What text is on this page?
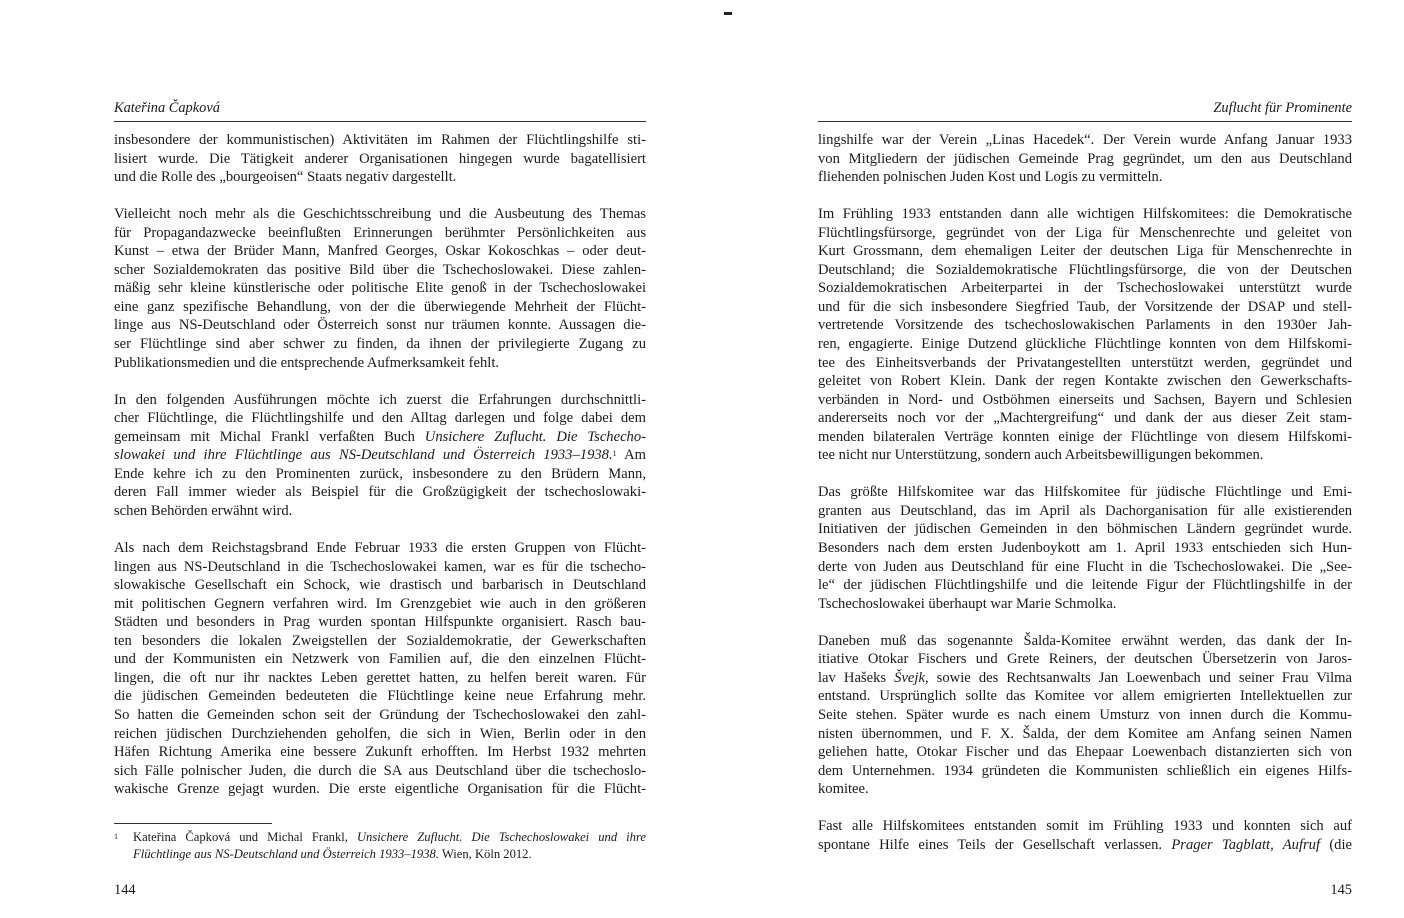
Kateřina Čapková

insbesondere der kommunistischen) Aktivitäten im Rahmen der Flüchtlingshilfe sti-
lisiert wurde. Die Tätigkeit anderer Organisationen hingegen wurde bagatellisiert
und die Rolle des „bourgeoisen“ Staats negativ dargestellt.

Vielleicht noch mehr als die Geschichtsschreibung und die Ausbeutung des Themas
für Propagandazwecke beeinflußten Erinnerungen berühmter Persönlichkeiten aus
Kunst – etwa der Brüder Mann, Manfred Georges, Oskar Kokoschkas – oder deut-
scher Sozialdemokraten das positive Bild über die Tschechoslowakei. Diese zahlen-
mäßig sehr kleine künstlerische oder politische Elite genoß in der Tschechoslowakei
eine ganz spezifische Behandlung, von der die überwiegende Mehrheit der Flücht-
linge aus NS-Deutschland oder Österreich sonst nur träumen konnte. Aussagen die-
ser Flüchtlinge sind aber schwer zu finden, da ihnen der privilegierte Zugang zu
Publikationsmedien und die entsprechende Aufmerksamkeit fehlt.

In den folgenden Ausführungen möchte ich zuerst die Erfahrungen durchschnittli-
cher Flüchtlinge, die Flüchtlingshilfe und den Alltag darlegen und folge dabei dem
gemeinsam mit Michal Frankl verfaßten Buch Unsichere Zuflucht. Die Tschecho-
slowakei und ihre Flüchtlinge aus NS-Deutschland und Österreich 1933–1938.$^1$ Am
Ende kehre ich zu den Prominenten zurück, insbesondere zu den Brüdern Mann,
deren Fall immer wieder als Beispiel für die Großzügigkeit der tschechoslowaki-
schen Behörden erwähnt wird.

Als nach dem Reichstagsbrand Ende Februar 1933 die ersten Gruppen von Flücht-
lingen aus NS-Deutschland in die Tschechoslowakei kamen, war es für die tschecho-
slowakische Gesellschaft ein Schock, wie drastisch und barbarisch in Deutschland
mit politischen Gegnern verfahren wird. Im Grenzgebiet wie auch in den größeren
Städten und besonders in Prag wurden spontan Hilfspunkte organisiert. Rasch bau-
ten besonders die lokalen Zweigstellen der Sozialdemokratie, der Gewerkschaften
und der Kommunisten ein Netzwerk von Familien auf, die den einzelnen Flücht-
lingen, die oft nur ihr nacktes Leben gerettet hatten, zu helfen bereit waren. Für
die jüdischen Gemeinden bedeuteten die Flüchtlinge keine neue Erfahrung mehr.
So hatten die Gemeinden schon seit der Gründung der Tschechoslowakei den zahl-
reichen jüdischen Durchziehenden geholfen, die sich in Wien, Berlin oder in den
Häfen Richtung Amerika eine bessere Zukunft erhofften. Im Herbst 1932 mehrten
sich Fälle polnischer Juden, die durch die SA aus Deutschland über die tschechoslo-
wakische Grenze gejagt wurden. Die erste eigentliche Organisation für die Flücht-

1 Kateřina Čapková und Michal Frankl, Unsichere Zuflucht. Die Tschechoslowakei und ihre
Flüchtlinge aus NS-Deutschland und Österreich 1933–1938. Wien, Köln 2012.
144
Zuflucht für Prominente

lingshilfe war der Verein „Linas Hacedek“. Der Verein wurde Anfang Januar 1933
von Mitgliedern der jüdischen Gemeinde Prag gegründet, um den aus Deutschland
fliehenden polnischen Juden Kost und Logis zu vermitteln.

Im Frühling 1933 entstanden dann alle wichtigen Hilfskomitees: die Demokratische
Flüchtlingsfürsorge, gegründet von der Liga für Menschenrechte und geleitet von
Kurt Grossmann, dem ehemaligen Leiter der deutschen Liga für Menschenrechte in
Deutschland; die Sozialdemokratische Flüchtlingsfürsorge, die von der Deutschen
Sozialdemokratischen Arbeiterpartei in der Tschechoslowakei unterstützt wurde
und für die sich insbesondere Siegfried Taub, der Vorsitzende der DSAP und stell-
vertretende Vorsitzende des tschechoslowakischen Parlaments in den 1930er Jah-
ren, engagierte. Einige Dutzend glückliche Flüchtlinge konnten von dem Hilfskomi-
tee des Einheitsverbands der Privatangestellten unterstützt werden, gegründet und
geleitet von Robert Klein. Dank der regen Kontakte zwischen den Gewerkschafts-
verbänden in Nord- und Ostböhmen einerseits und Sachsen, Bayern und Schlesien
andererseits noch vor der „Machtergreifung“ und dank der aus dieser Zeit stam-
menden bilateralen Verträge konnten einige der Flüchtlinge von diesem Hilfskomi-
tee nicht nur Unterstützung, sondern auch Arbeitsbewilligungen bekommen.

Das größte Hilfskomitee war das Hilfskomitee für jüdische Flüchtlinge und Emi-
granten aus Deutschland, das im April als Dachorganisation für alle existierenden
Initiativen der jüdischen Gemeinden in den böhmischen Ländern gegründet wurde.
Besonders nach dem ersten Judenboykott am 1. April 1933 entschieden sich Hun-
derte von Juden aus Deutschland für eine Flucht in die Tschechoslowakei. Die „See-
le“ der jüdischen Flüchtlingshilfe und die leitende Figur der Flüchtlingshilfe in der
Tschechoslowakei überhaupt war Marie Schmolka.

Daneben muß das sogenannte Šalda-Komitee erwähnt werden, das dank der In-
itiative Otokar Fischers und Grete Reiners, der deutschen Übersetzerin von Jaros-
lav Hašeks Švejk, sowie des Rechtsanwalts Jan Loewenbach und seiner Frau Vilma
entstand. Ursprünglich sollte das Komitee vor allem emigrierten Intellektuellen zur
Seite stehen. Später wurde es nach einem Umsturz von innen durch die Kommu-
nisten übernommen, und F. X. Šalda, der dem Komitee am Anfang seinen Namen
geliehen hatte, Otokar Fischer und das Ehepaar Loewenbach distanzierten sich von
dem Unternehmen. 1934 gründeten die Kommunisten schließlich ein eigenes Hilfs-
komitee.

Fast alle Hilfskomitees entstanden somit im Frühling 1933 und konnten sich auf
spontane Hilfe eines Teils der Gesellschaft verlassen. Prager Tagblatt, Aufruf (die

145
